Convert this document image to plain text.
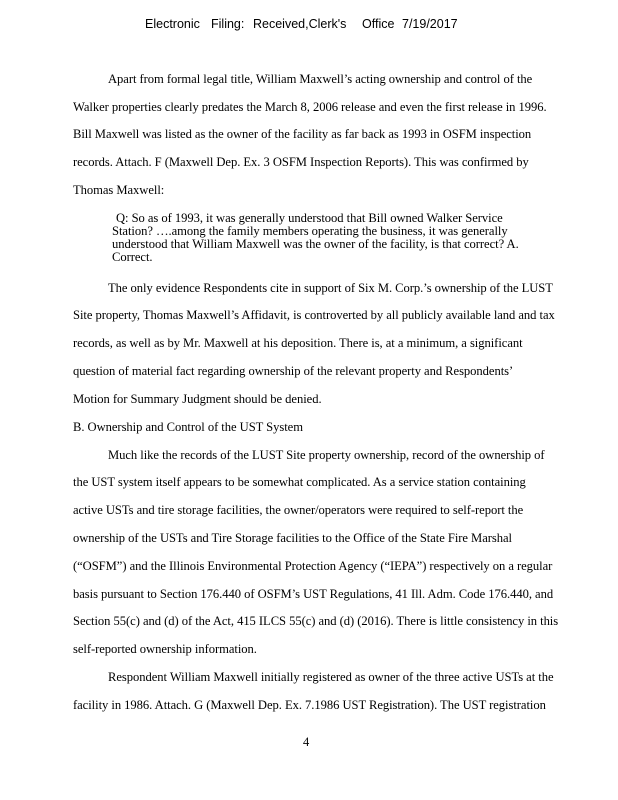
Electronic Filing: Received,Clerk's Office 7/19/2017
Apart from formal legal title, William Maxwell’s acting ownership and control of the
Walker properties clearly predates the March 8, 2006 release and even the first release in 1996.
Bill Maxwell was listed as the owner of the facility as far back as 1993 in OSFM inspection
records. Attach. F (Maxwell Dep. Ex. 3 OSFM Inspection Reports). This was confirmed by
Thomas Maxwell:
Q: So as of 1993, it was generally understood that Bill owned Walker Service
Station? ….among the family members operating the business, it was generally
understood that William Maxwell was the owner of the facility, is that correct? A.
Correct.
The only evidence Respondents cite in support of Six M. Corp.’s ownership of the LUST
Site property, Thomas Maxwell’s Affidavit, is controverted by all publicly available land and tax
records, as well as by Mr. Maxwell at his deposition. There is, at a minimum, a significant
question of material fact regarding ownership of the relevant property and Respondents’
Motion for Summary Judgment should be denied.
B. Ownership and Control of the UST System
Much like the records of the LUST Site property ownership, record of the ownership of
the UST system itself appears to be somewhat complicated. As a service station containing
active USTs and tire storage facilities, the owner/operators were required to self-report the
ownership of the USTs and Tire Storage facilities to the Office of the State Fire Marshal
(“OSFM”) and the Illinois Environmental Protection Agency (“IEPA”) respectively on a regular
basis pursuant to Section 176.440 of OSFM’s UST Regulations, 41 Ill. Adm. Code 176.440, and
Section 55(c) and (d) of the Act, 415 ILCS 55(c) and (d) (2016). There is little consistency in this
self-reported ownership information.
Respondent William Maxwell initially registered as owner of the three active USTs at the
facility in 1986. Attach. G (Maxwell Dep. Ex. 7.1986 UST Registration). The UST registration
4
